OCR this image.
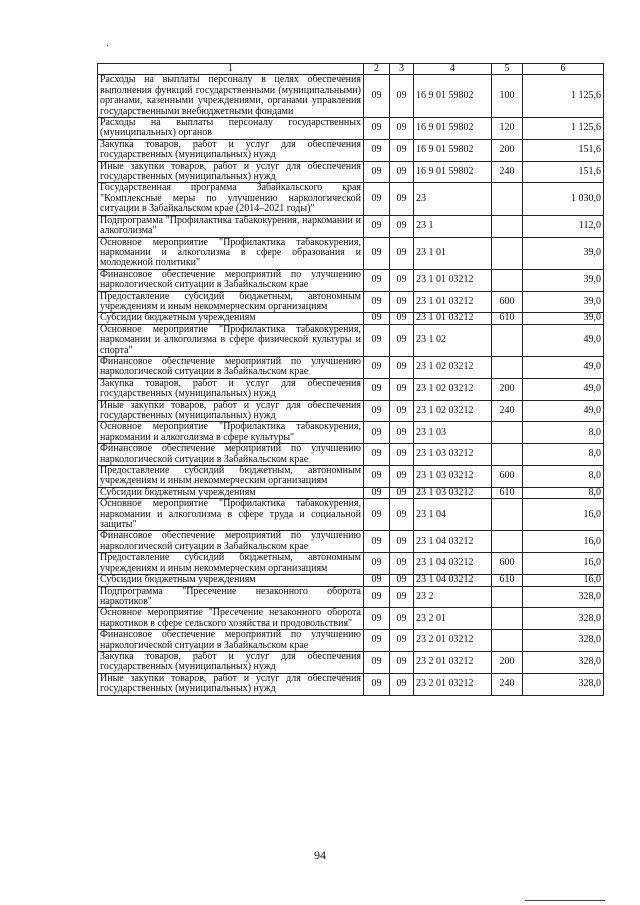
1	2	3	4	5	6
Расходы на выплаты персоналу в целях обеспечения выполнения функций государственными (муниципальными) органами, казенными учреждениями, органами управления государственными внебюджетными фондами	09	09	16 9 01 59802	100	1 125,6
Расходы на выплаты персоналу государственных (муниципальных) органов	09	09	16 9 01 59802	120	1 125,6
Закупка товаров, работ и услуг для обеспечения государственных (муниципальных) нужд	09	09	16 9 01 59802	200	151,6
Иные закупки товаров, работ и услуг для обеспечения государственных (муниципальных) нужд	09	09	16 9 01 59802	240	151,6
Государственная программа Забайкальского края "Комплексные меры по улучшению наркологической ситуации в Забайкальском крае (2014–2021 годы)"	09	09	23		1 030,0
Подпрограмма "Профилактика табакокурения, наркомании и алкоголизма"	09	09	23 1		112,0
Основное мероприятие "Профилактика табакокурения, наркомании и алкоголизма в сфере образования и молодежной политики"	09	09	23 1 01		39,0
Финансовое обеспечение мероприятий по улучшению наркологической ситуации в Забайкальском крае	09	09	23 1 01 03212		39,0
Предоставление субсидий бюджетным, автономным учреждениям и иным некоммерческим организациям	09	09	23 1 01 03212	600	39,0
Субсидии бюджетным учреждениям	09	09	23 1 01 03212	610	39,0
Основное мероприятие "Профилактика табакокурения, наркомании и алкоголизма в сфере физической культуры и спорта"	09	09	23 1 02		49,0
Финансовое обеспечение мероприятий по улучшению наркологической ситуации в Забайкальском крае	09	09	23 1 02 03212		49,0
Закупка товаров, работ и услуг для обеспечения государственных (муниципальных) нужд	09	09	23 1 02 03212	200	49,0
Иные закупки товаров, работ и услуг для обеспечения государственных (муниципальных) нужд	09	09	23 1 02 03212	240	49,0
Основное мероприятие "Профилактика табакокурения, наркомании и алкоголизма в сфере культуры"	09	09	23 1 03		8,0
Финансовое обеспечение мероприятий по улучшению наркологической ситуации в Забайкальском крае	09	09	23 1 03 03212		8,0
Предоставление субсидий бюджетным, автономным учреждениям и иным некоммерческим организациям	09	09	23 1 03 03212	600	8,0
Субсидии бюджетным учреждениям	09	09	23 1 03 03212	610	8,0
Основное мероприятие "Профилактика табакокурения, наркомании и алкоголизма в сфере труда и социальной защиты"	09	09	23 1 04		16,0
Финансовое обеспечение мероприятий по улучшению наркологической ситуации в Забайкальском крае	09	09	23 1 04 03212		16,0
Предоставление субсидий бюджетным, автономным учреждениям и иным некоммерческим организациям	09	09	23 1 04 03212	600	16,0
Субсидии бюджетным учреждениям	09	09	23 1 04 03212	610	16,0
Подпрограмма "Пресечение незаконного оборота наркотиков"	09	09	23 2		328,0
Основное мероприятие "Пресечение незаконного оборота наркотиков в сфере сельского хозяйства и продовольствия"	09	09	23 2 01		328,0
Финансовое обеспечение мероприятий по улучшению наркологической ситуации в Забайкальском крае	09	09	23 2 01 03212		328,0
Закупка товаров, работ и услуг для обеспечения государственных (муниципальных) нужд	09	09	23 2 01 03212	200	328,0
Иные закупки товаров, работ и услуг для обеспечения государственных (муниципальных) нужд	09	09	23 2 01 03212	240	328,0
94
